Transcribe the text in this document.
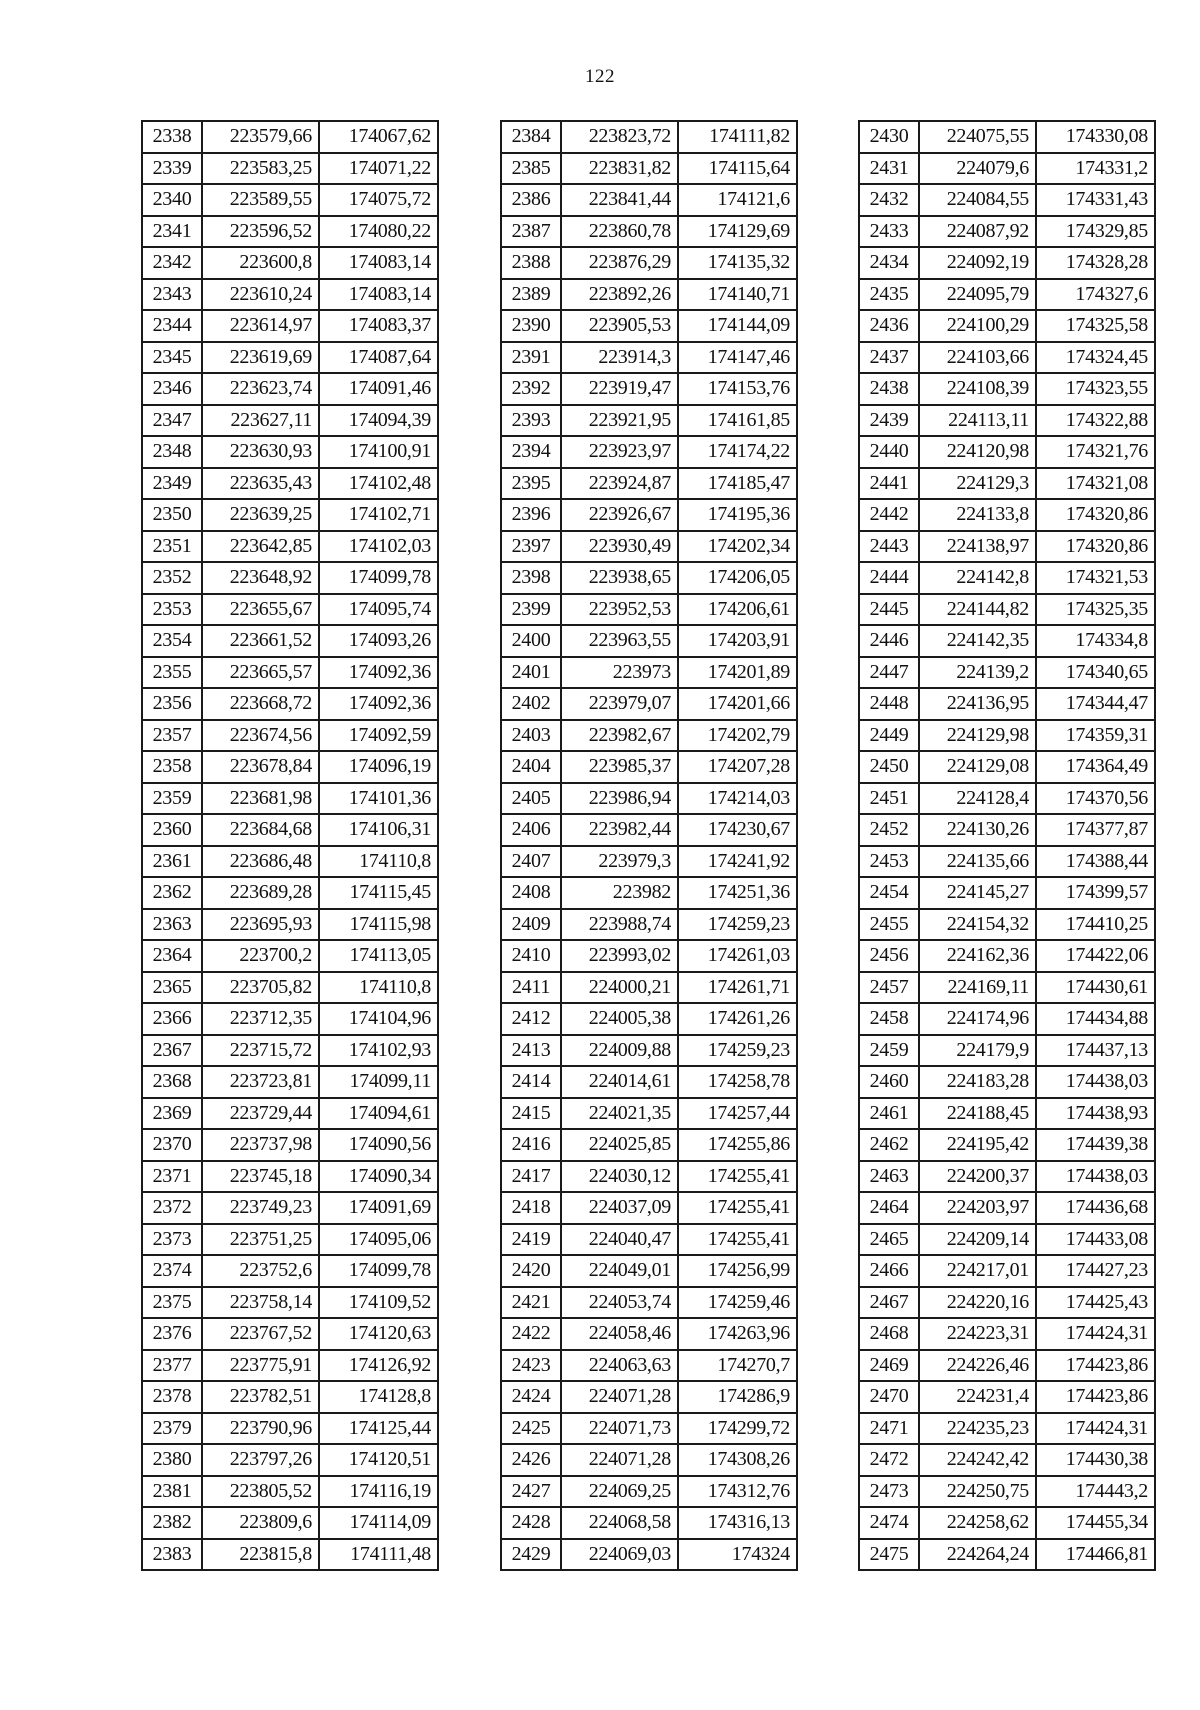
122
2338	223579,66	174067,62
2339	223583,25	174071,22
2340	223589,55	174075,72
2341	223596,52	174080,22
2342	223600,8	174083,14
2343	223610,24	174083,14
2344	223614,97	174083,37
2345	223619,69	174087,64
2346	223623,74	174091,46
2347	223627,11	174094,39
2348	223630,93	174100,91
2349	223635,43	174102,48
2350	223639,25	174102,71
2351	223642,85	174102,03
2352	223648,92	174099,78
2353	223655,67	174095,74
2354	223661,52	174093,26
2355	223665,57	174092,36
2356	223668,72	174092,36
2357	223674,56	174092,59
2358	223678,84	174096,19
2359	223681,98	174101,36
2360	223684,68	174106,31
2361	223686,48	174110,8
2362	223689,28	174115,45
2363	223695,93	174115,98
2364	223700,2	174113,05
2365	223705,82	174110,8
2366	223712,35	174104,96
2367	223715,72	174102,93
2368	223723,81	174099,11
2369	223729,44	174094,61
2370	223737,98	174090,56
2371	223745,18	174090,34
2372	223749,23	174091,69
2373	223751,25	174095,06
2374	223752,6	174099,78
2375	223758,14	174109,52
2376	223767,52	174120,63
2377	223775,91	174126,92
2378	223782,51	174128,8
2379	223790,96	174125,44
2380	223797,26	174120,51
2381	223805,52	174116,19
2382	223809,6	174114,09
2383	223815,8	174111,48
2384	223823,72	174111,82
2385	223831,82	174115,64
2386	223841,44	174121,6
2387	223860,78	174129,69
2388	223876,29	174135,32
2389	223892,26	174140,71
2390	223905,53	174144,09
2391	223914,3	174147,46
2392	223919,47	174153,76
2393	223921,95	174161,85
2394	223923,97	174174,22
2395	223924,87	174185,47
2396	223926,67	174195,36
2397	223930,49	174202,34
2398	223938,65	174206,05
2399	223952,53	174206,61
2400	223963,55	174203,91
2401	223973	174201,89
2402	223979,07	174201,66
2403	223982,67	174202,79
2404	223985,37	174207,28
2405	223986,94	174214,03
2406	223982,44	174230,67
2407	223979,3	174241,92
2408	223982	174251,36
2409	223988,74	174259,23
2410	223993,02	174261,03
2411	224000,21	174261,71
2412	224005,38	174261,26
2413	224009,88	174259,23
2414	224014,61	174258,78
2415	224021,35	174257,44
2416	224025,85	174255,86
2417	224030,12	174255,41
2418	224037,09	174255,41
2419	224040,47	174255,41
2420	224049,01	174256,99
2421	224053,74	174259,46
2422	224058,46	174263,96
2423	224063,63	174270,7
2424	224071,28	174286,9
2425	224071,73	174299,72
2426	224071,28	174308,26
2427	224069,25	174312,76
2428	224068,58	174316,13
2429	224069,03	174324
2430	224075,55	174330,08
2431	224079,6	174331,2
2432	224084,55	174331,43
2433	224087,92	174329,85
2434	224092,19	174328,28
2435	224095,79	174327,6
2436	224100,29	174325,58
2437	224103,66	174324,45
2438	224108,39	174323,55
2439	224113,11	174322,88
2440	224120,98	174321,76
2441	224129,3	174321,08
2442	224133,8	174320,86
2443	224138,97	174320,86
2444	224142,8	174321,53
2445	224144,82	174325,35
2446	224142,35	174334,8
2447	224139,2	174340,65
2448	224136,95	174344,47
2449	224129,98	174359,31
2450	224129,08	174364,49
2451	224128,4	174370,56
2452	224130,26	174377,87
2453	224135,66	174388,44
2454	224145,27	174399,57
2455	224154,32	174410,25
2456	224162,36	174422,06
2457	224169,11	174430,61
2458	224174,96	174434,88
2459	224179,9	174437,13
2460	224183,28	174438,03
2461	224188,45	174438,93
2462	224195,42	174439,38
2463	224200,37	174438,03
2464	224203,97	174436,68
2465	224209,14	174433,08
2466	224217,01	174427,23
2467	224220,16	174425,43
2468	224223,31	174424,31
2469	224226,46	174423,86
2470	224231,4	174423,86
2471	224235,23	174424,31
2472	224242,42	174430,38
2473	224250,75	174443,2
2474	224258,62	174455,34
2475	224264,24	174466,81
